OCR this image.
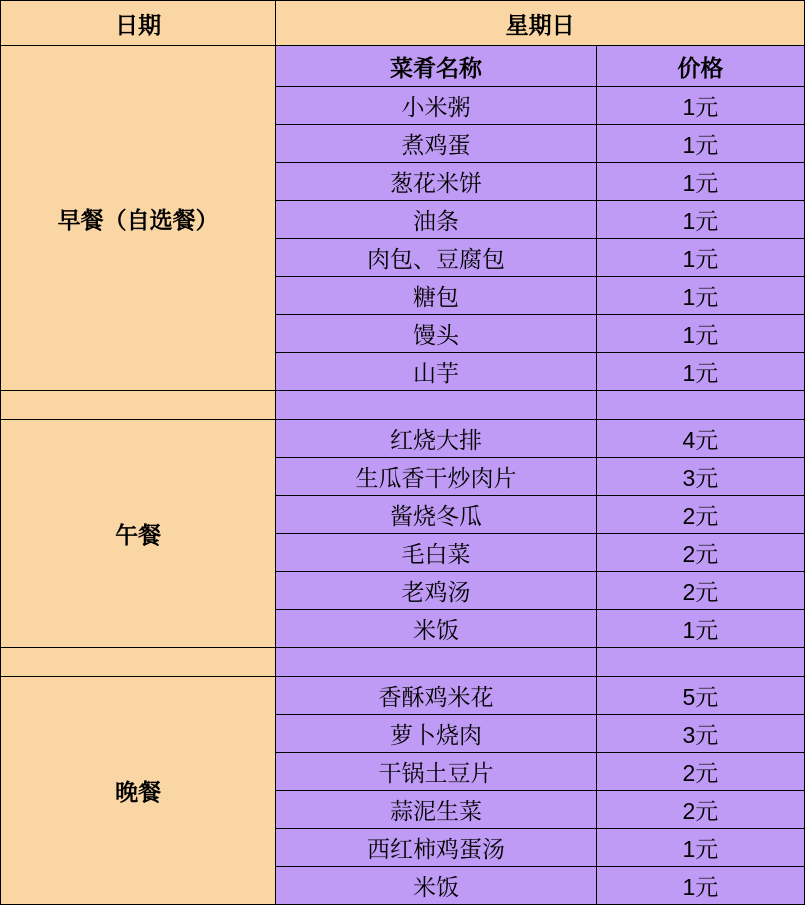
日期	星期日	
早餐（自选餐）	菜肴名称	价格
	小米粥	1元
	煮鸡蛋	1元
	葱花米饼	1元
	油条	1元
	肉包、豆腐包	1元
	糖包	1元
	馒头	1元
	山芋	1元

午餐	红烧大排	4元
	生瓜香干炒肉片	3元
	酱烧冬瓜	2元
	毛白菜	2元
	老鸡汤	2元
	米饭	1元

晚餐	香酥鸡米花	5元
	萝卜烧肉	3元
	干锅土豆片	2元
	蒜泥生菜	2元
	西红柿鸡蛋汤	1元
	米饭	1元
